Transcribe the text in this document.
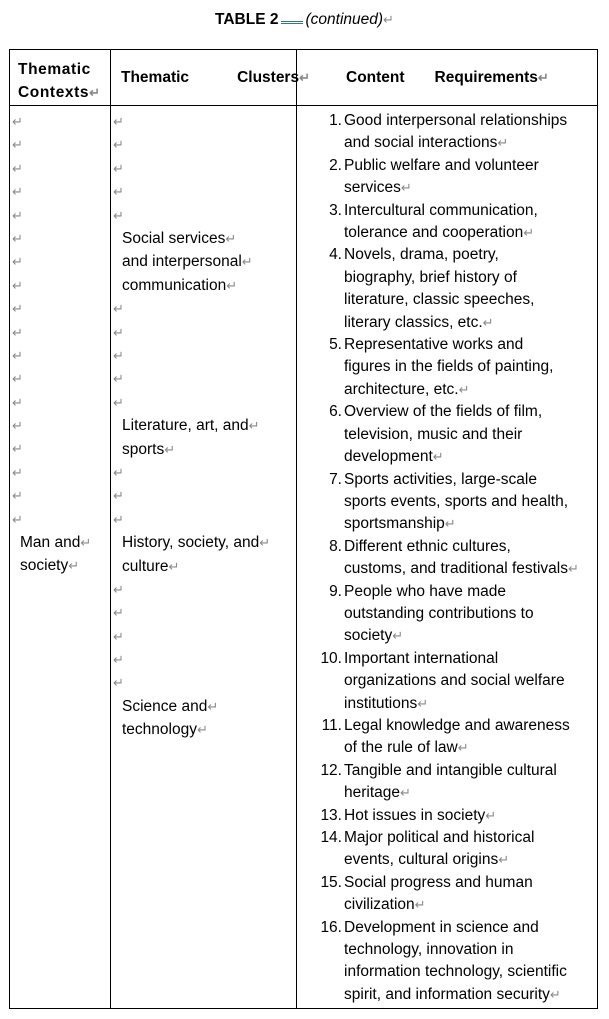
TABLE 2 (continued)↵
Thematic
Contexts↵
Thematic	Clusters↵ Content Requirements↵
↵
↵
↵
↵
↵
↵
↵
↵
↵
↵
↵
↵
↵
↵
↵
↵
↵
↵
Man and↵
society↵
↵
↵
↵
↵
↵
Social services↵
and interpersonal↵
communication↵
↵
↵
↵
↵
↵
Literature, art, and↵
sports↵
↵
↵
↵
History, society, and↵
culture↵
↵
↵
↵
↵
↵
Science and↵
technology↵
1. Good interpersonal relationships
and social interactions↵
2. Public welfare and volunteer
services↵
3. Intercultural communication,
tolerance and cooperation↵
4. Novels, drama, poetry,
biography, brief history of
literature, classic speeches,
literary classics, etc.↵
5. Representative works and
figures in the fields of painting,
architecture, etc.↵
6. Overview of the fields of film,
television, music and their
development↵
7. Sports activities, large-scale
sports events, sports and health,
sportsmanship↵
8. Different ethnic cultures,
customs, and traditional festivals↵
9. People who have made
outstanding contributions to
society↵
10. Important international
organizations and social welfare
institutions↵
11. Legal knowledge and awareness
of the rule of law↵
12. Tangible and intangible cultural
heritage↵
13. Hot issues in society↵
14. Major political and historical
events, cultural origins↵
15. Social progress and human
civilization↵
16. Development in science and
technology, innovation in
information technology, scientific
spirit, and information security↵
